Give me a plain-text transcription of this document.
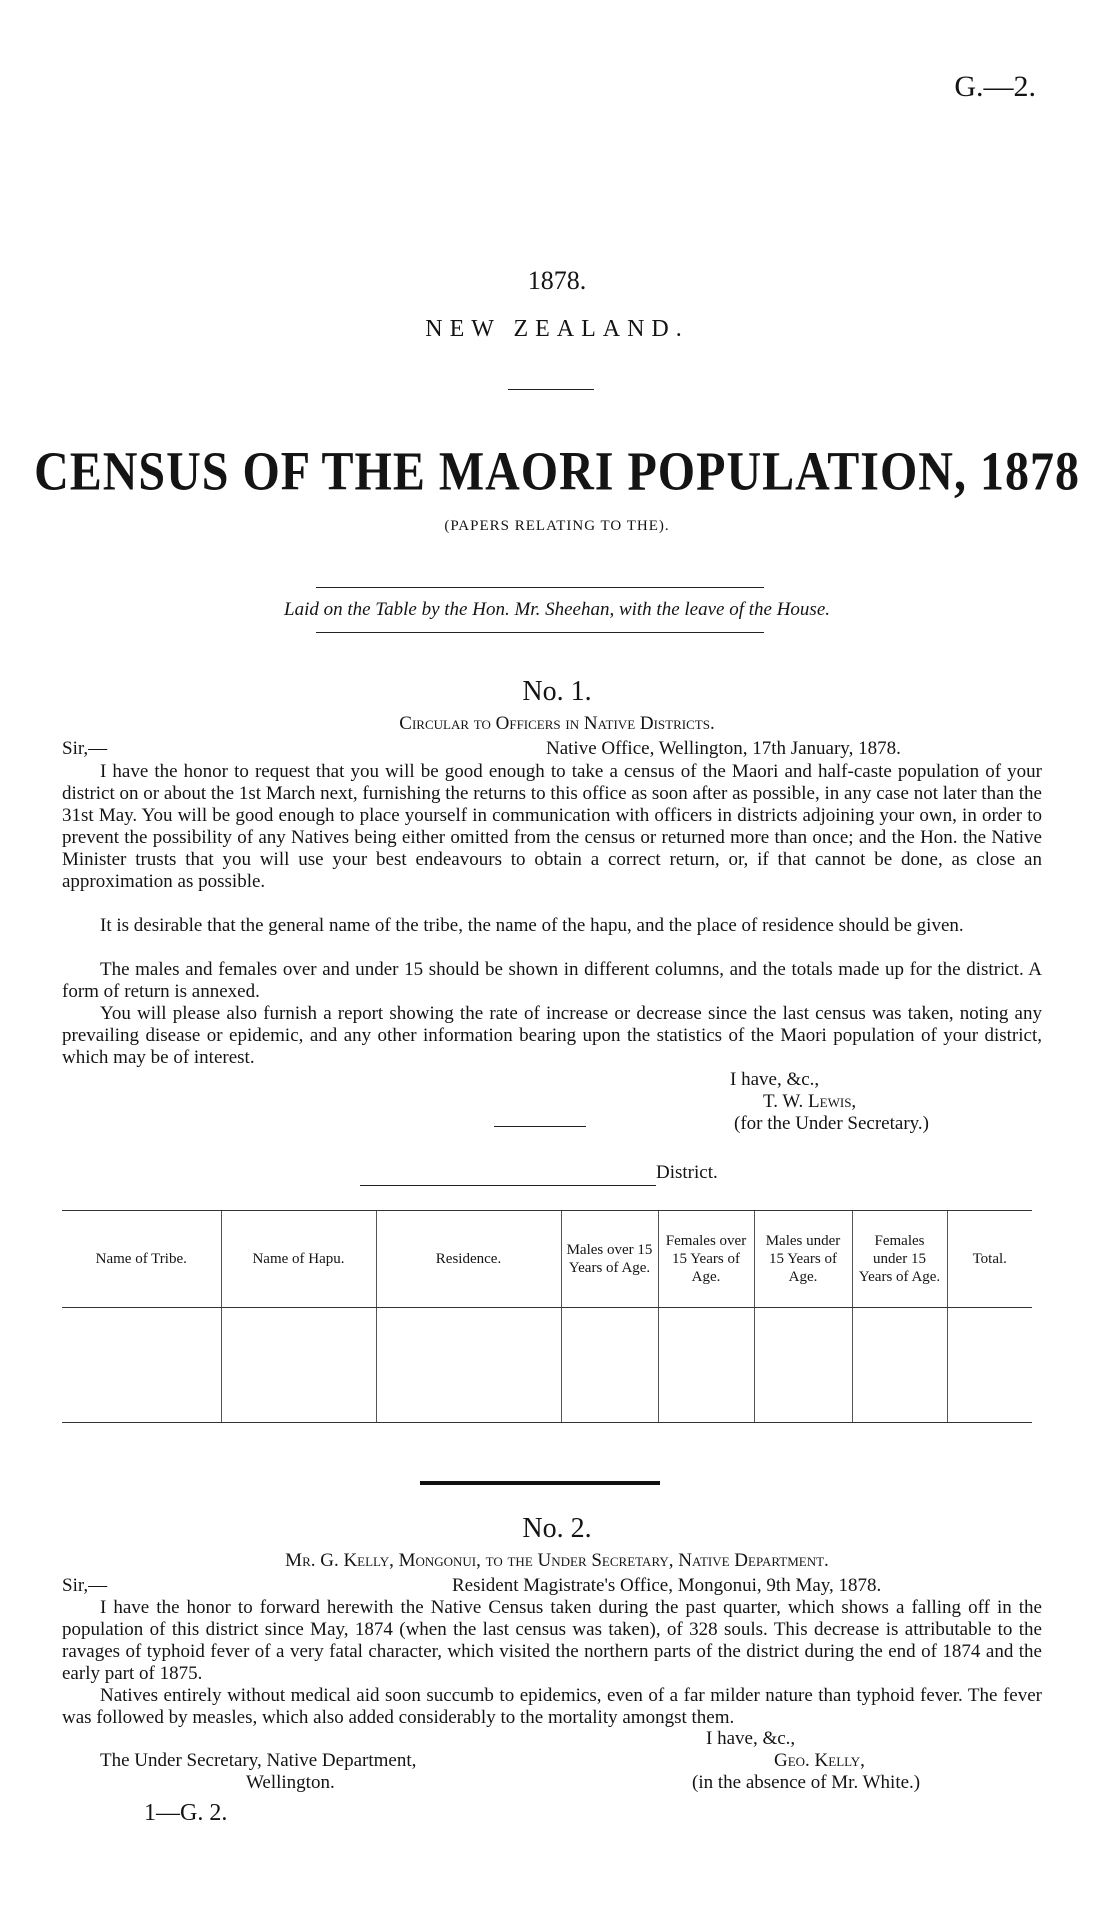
G.—2.
1878.
NEW ZEALAND.
CENSUS OF THE MAORI POPULATION, 1878
(PAPERS RELATING TO THE).
Laid on the Table by the Hon. Mr. Sheehan, with the leave of the House.
No. 1.
Circular to Officers in Native Districts.
Sir,—	Native Office, Wellington, 17th January, 1878.
I have the honor to request that you will be good enough to take a census of the Maori and half-caste population of your district on or about the 1st March next, furnishing the returns to this office as soon after as possible, in any case not later than the 31st May. You will be good enough to place yourself in communication with officers in districts adjoining your own, in order to prevent the possibility of any Natives being either omitted from the census or returned more than once; and the Hon. the Native Minister trusts that you will use your best endeavours to obtain a correct return, or, if that cannot be done, as close an approximation as possible.
It is desirable that the general name of the tribe, the name of the hapu, and the place of residence should be given.
The males and females over and under 15 should be shown in different columns, and the totals made up for the district. A form of return is annexed.
You will please also furnish a report showing the rate of increase or decrease since the last census was taken, noting any prevailing disease or epidemic, and any other information bearing upon the statistics of the Maori population of your district, which may be of interest.
I have, &c.,
T. W. Lewis,
(for the Under Secretary.)
District.
Name of Tribe.	Name of Hapu.	Residence.	Males over 15 Years of Age.	Females over 15 Years of Age.	Males under 15 Years of Age.	Females under 15 Years of Age.	Total.

No. 2.
Mr. G. Kelly, Mongonui, to the Under Secretary, Native Department.
Sir,—	Resident Magistrate's Office, Mongonui, 9th May, 1878.
I have the honor to forward herewith the Native Census taken during the past quarter, which shows a falling off in the population of this district since May, 1874 (when the last census was taken), of 328 souls. This decrease is attributable to the ravages of typhoid fever of a very fatal character, which visited the northern parts of the district during the end of 1874 and the early part of 1875.
Natives entirely without medical aid soon succumb to epidemics, even of a far milder nature than typhoid fever. The fever was followed by measles, which also added considerably to the mortality amongst them.
I have, &c.,
The Under Secretary, Native Department,	Geo. Kelly,
Wellington.	(in the absence of Mr. White.)
1—G. 2.
